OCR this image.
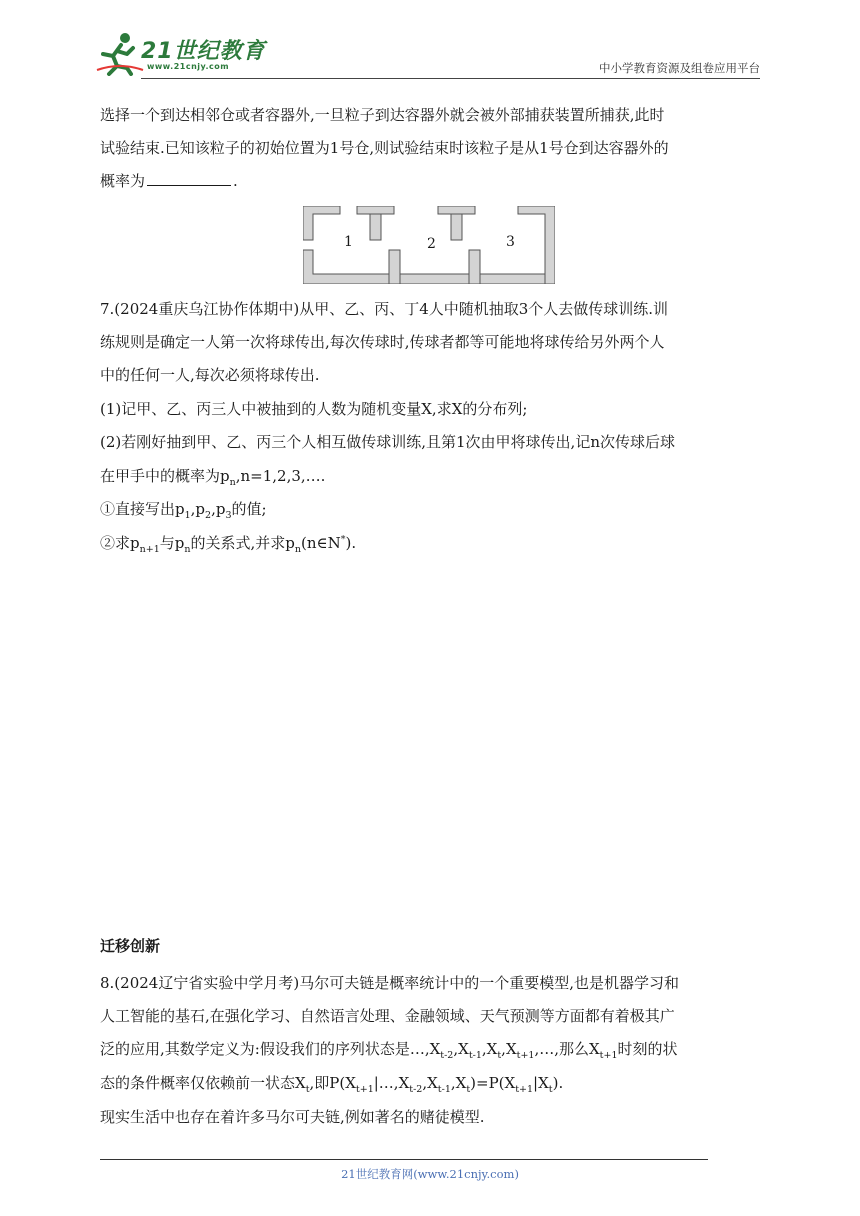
21世纪教育
www.21cnjy.com	中小学教育资源及组卷应用平台

选择一个到达相邻仓或者容器外,一旦粒子到达容器外就会被外部捕获装置所捕获,此时

试验结束.已知该粒子的初始位置为1号仓,则试验结束时该粒子是从1号仓到达容器外的

概率为	.

1	2	3

7.(2024重庆乌江协作体期中)从甲、乙、丙、丁4人中随机抽取3个人去做传球训练.训

练规则是确定一人第一次将球传出,每次传球时,传球者都等可能地将球传给另外两个人

中的任何一人,每次必须将球传出.

(1)记甲、乙、丙三人中被抽到的人数为随机变量X,求X的分布列;

(2)若刚好抽到甲、乙、丙三个人相互做传球训练,且第1次由甲将球传出,记n次传球后球

在甲手中的概率为$p_n,n=1,2,3,\dots$.

①直接写出$p_1,p_2,p_3$的值;

②求$p_{n+1}$与$p_n$的关系式,并求$p_n(n\in N^*)$.

迁移创新

8.(2024辽宁省实验中学月考)马尔可夫链是概率统计中的一个重要模型,也是机器学习和

人工智能的基石,在强化学习、自然语言处理、金融领域、天气预测等方面都有着极其广

泛的应用,其数学定义为:假设我们的序列状态是$\dots,X_{t-2},X_{t-1},X_t,X_{t+1},\dots$,那么$X_{t+1}$时刻的状

态的条件概率仅依赖前一状态$X_t$,即$P(X_{t+1}|\dots,X_{t-2},X_{t-1},X_t)=P(X_{t+1}|X_t)$.

现实生活中也存在着许多马尔可夫链,例如著名的赌徒模型.

21世纪教育网(www.21cnjy.com)
